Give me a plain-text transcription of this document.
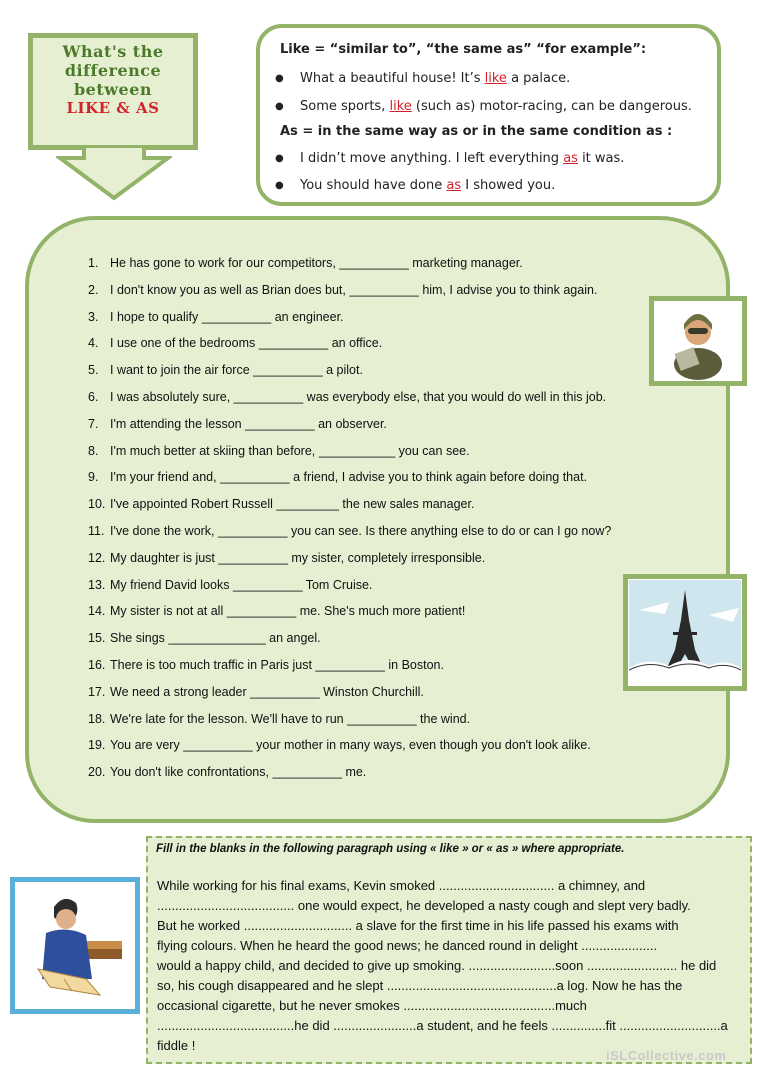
What's the
difference
between
LIKE & AS
Like = “similar to”, “the same as” “for example”:
● What a beautiful house! It’s like a palace.
● Some sports, like (such as) motor-racing, can be dangerous.
As = in the same way as or in the same condition as :
● I didn’t move anything. I left everything as it was.
● You should have done as I showed you.
1. He has gone to work for our competitors, __________ marketing manager.
2. I don't know you as well as Brian does but, __________ him, I advise you to think again.
3. I hope to qualify __________ an engineer.
4. I use one of the bedrooms __________ an office.
5. I want to join the air force __________ a pilot.
6. I was absolutely sure, __________ was everybody else, that you would do well in this job.
7. I'm attending the lesson __________ an observer.
8. I'm much better at skiing than before, ___________ you can see.
9. I'm your friend and, __________ a friend, I advise you to think again before doing that.
10. I've appointed Robert Russell _________ the new sales manager.
11. I've done the work, __________ you can see. Is there anything else to do or can I go now?
12. My daughter is just __________ my sister, completely irresponsible.
13. My friend David looks __________ Tom Cruise.
14. My sister is not at all __________ me. She's much more patient!
15. She sings ______________ an angel.
16. There is too much traffic in Paris just __________ in Boston.
17. We need a strong leader __________ Winston Churchill.
18. We're late for the lesson. We'll have to run __________ the wind.
19. You are very __________ your mother in many ways, even though you don't look alike.
20. You don't like confrontations, __________ me.
Fill in the blanks in the following paragraph using « like » or « as » where appropriate.
While working for his final exams, Kevin smoked ................................ a chimney, and
...................................... one would expect, he developed a nasty cough and slept very badly.
But he worked .............................. a slave for the first time in his life passed his exams with
flying colours. When he heard the good news; he danced round in delight .....................
would a happy child, and decided to give up smoking. ........................soon ......................... he did
so, his cough disappeared and he slept ...............................................a log. Now he has the
occasional cigarette, but he never smokes ..........................................much
......................................he did .......................a student, and he feels ...............fit ............................a
fiddle !
iSLCollective.com
